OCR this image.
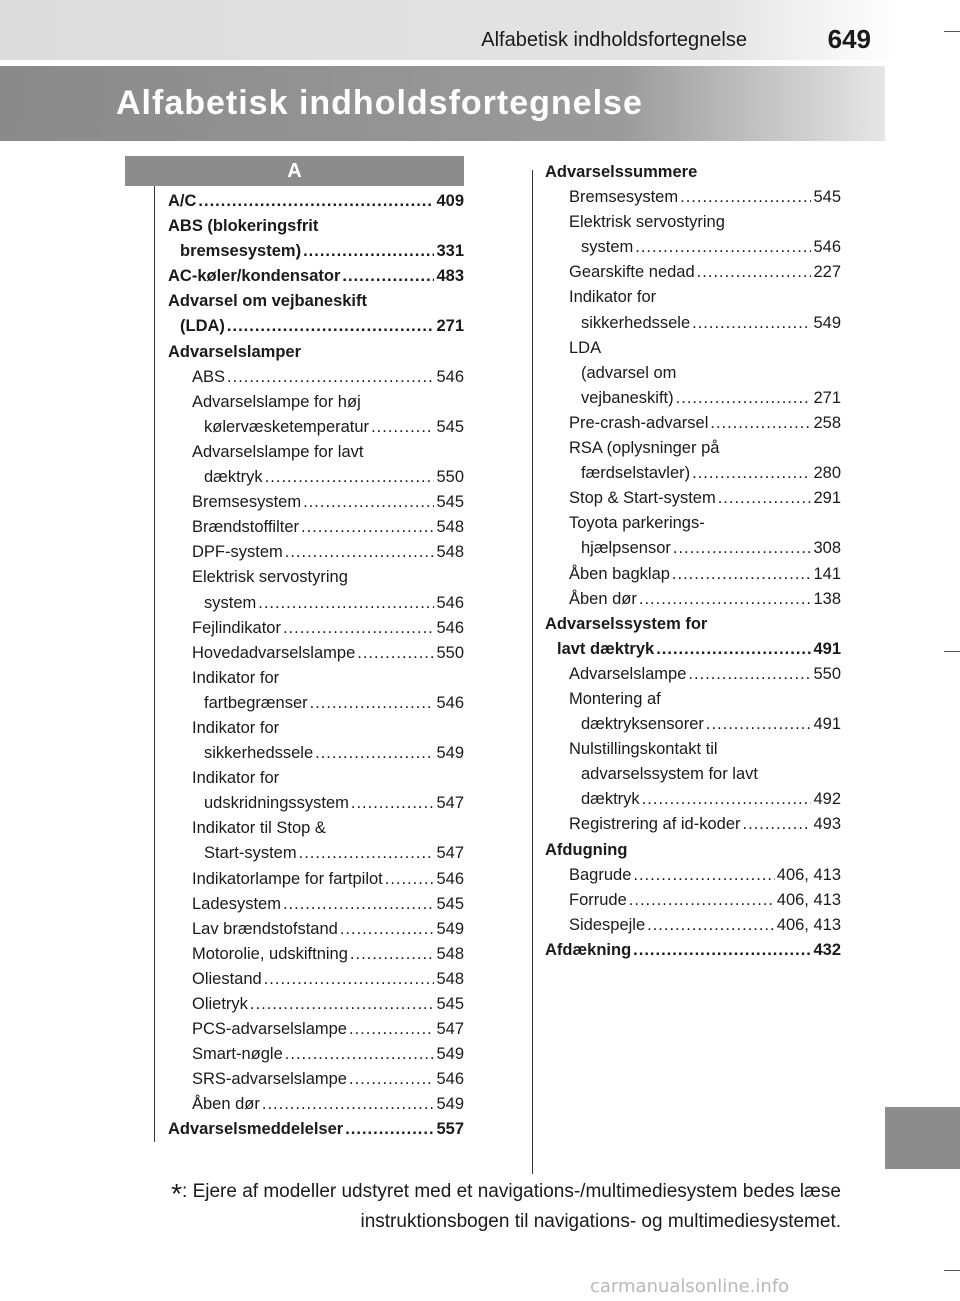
Alfabetisk indholdsfortegnelse	649
Alfabetisk indholdsfortegnelse
A
A/C .....	409
ABS (blokeringsfrit
bremsesystem) .....	331
AC-køler/kondensator .....	483
Advarsel om vejbaneskift
(LDA) .....	271
Advarselslamper
ABS .....	546
Advarselslampe for høj
kølervæsketemperatur .....	545
Advarselslampe for lavt
dæktryk .....	550
Bremsesystem .....	545
Brændstoffilter .....	548
DPF-system .....	548
Elektrisk servostyring
system .....	546
Fejlindikator .....	546
Hovedadvarselslampe .....	550
Indikator for
fartbegrænser .....	546
Indikator for
sikkerhedssele .....	549
Indikator for
udskridningssystem .....	547
Indikator til Stop &
Start-system .....	547
Indikatorlampe for fartpilot .....	546
Ladesystem .....	545
Lav brændstofstand .....	549
Motorolie, udskiftning .....	548
Oliestand .....	548
Olietryk .....	545
PCS-advarselslampe .....	547
Smart-nøgle .....	549
SRS-advarselslampe .....	546
Åben dør .....	549
Advarselsmeddelelser .....	557
Advarselssummere
Bremsesystem .....	545
Elektrisk servostyring
system .....	546
Gearskifte nedad .....	227
Indikator for
sikkerhedssele .....	549
LDA
(advarsel om
vejbaneskift) .....	271
Pre-crash-advarsel .....	258
RSA (oplysninger på
færdselstavler) .....	280
Stop & Start-system .....	291
Toyota parkerings-
hjælpsensor .....	308
Åben bagklap .....	141
Åben dør .....	138
Advarselssystem for
lavt dæktryk .....	491
Advarselslampe .....	550
Montering af
dæktryksensorer .....	491
Nulstillingskontakt til
advarselssystem for lavt
dæktryk .....	492
Registrering af id-koder .....	493
Afdugning
Bagrude .....	406, 413
Forrude .....	406, 413
Sidespejle .....	406, 413
Afdækning .....	432
*: Ejere af modeller udstyret med et navigations-/multimediesystem bedes læse
instruktionsbogen til navigations- og multimediesystemet.
carmanualsonline.info
